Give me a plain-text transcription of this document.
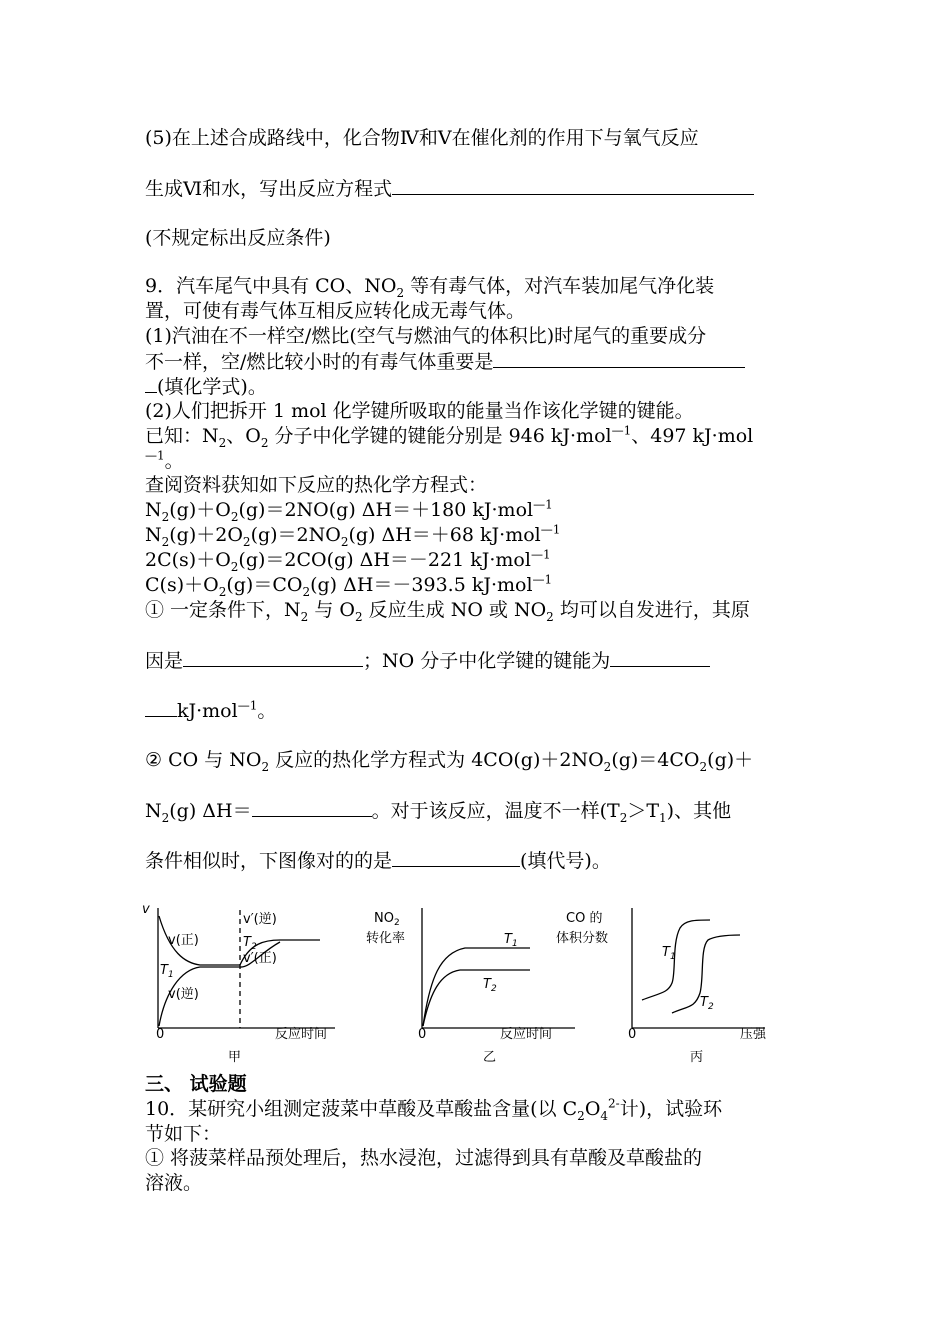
(5)在上述合成路线中，化合物Ⅳ和Ⅴ在催化剂的作用下与氧气反应
生成Ⅵ和水，写出反应方程式
(不规定标出反应条件)
9．汽车尾气中具有 CO、$NO_2$ 等有毒气体，对汽车装加尾气净化装
置，可使有毒气体互相反应转化成无毒气体。
(1)汽油在不一样空/燃比(空气与燃油气的体积比)时尾气的重要成分
不一样，空/燃比较小时的有毒气体重要是
(填化学式)。
(2)人们把拆开 1 mol 化学键所吸取的能量当作该化学键的键能。
已知：$N_2$、$O_2$ 分子中化学键的键能分别是 946 kJ·mol$^{—1}$、497 kJ·mol
$^{—1}$。
查阅资料获知如下反应的热化学方程式：
$N_2(g)+O_2(g)=2NO(g)$ ΔH＝＋180 kJ·mol$^{—1}$
$N_2(g)+2O_2(g)=2NO_2(g)$ ΔH＝＋68 kJ·mol$^{—1}$
$2C(s)+O_2(g)=2CO(g)$ ΔH＝－221 kJ·mol$^{—1}$
$C(s)+O_2(g)=CO_2(g)$ ΔH＝－393.5 kJ·mol$^{—1}$
① 一定条件下，$N_2$ 与 $O_2$ 反应生成 NO 或 $NO_2$ 均可以自发进行，其原
因是	；NO 分子中化学键的键能为
kJ·mol$^{—1}$。
② CO 与 $NO_2$ 反应的热化学方程式为 $4CO(g)+2NO_2(g)=4CO_2(g)+$
$N_2(g)$ ΔH＝	。对于该反应，温度不一样$(T_2>T_1)$、其他
条件相似时，下图像对的的是	(填代号)。
v
v(正)
v(逆)
$T_1$
v′(逆)
$T_2$
v′(正)
0	反应时间
甲
$NO_2$
转化率	$T_1$
$T_2$
0	反应时间
乙
CO 的
体积分数
$T_1$
$T_2$
0	压强
丙
三、 试验题
10．某研究小组测定菠菜中草酸及草酸盐含量(以 $C_2O_4^{2-}$计)，试验环
节如下：
① 将菠菜样品预处理后，热水浸泡，过滤得到具有草酸及草酸盐的
溶液。
